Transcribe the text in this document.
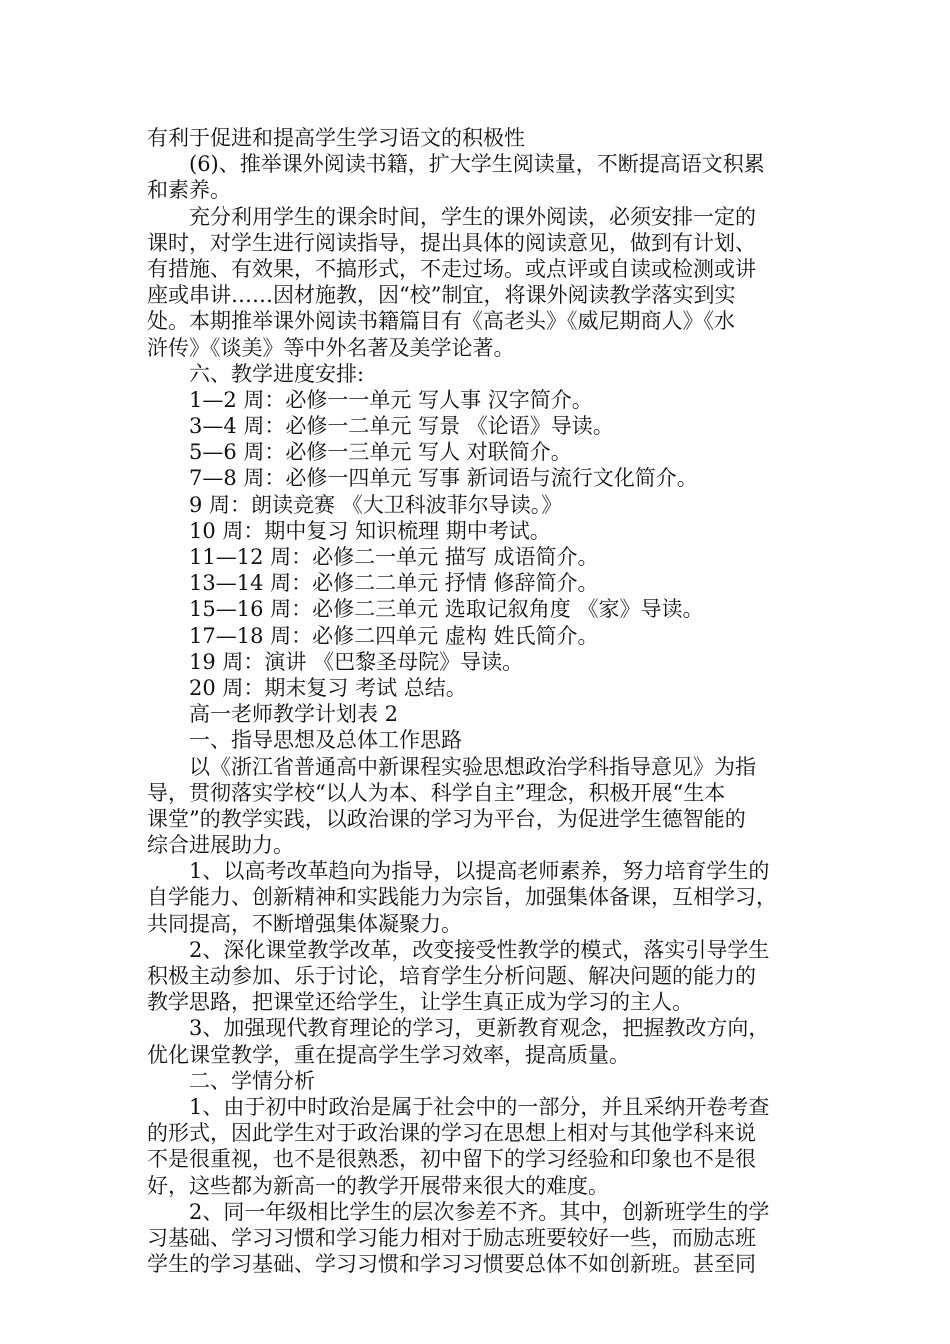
有利于促进和提高学生学习语文的积极性
(6)、推举课外阅读书籍，扩大学生阅读量，不断提高语文积累
和素养。
充分利用学生的课余时间，学生的课外阅读，必须安排一定的
课时，对学生进行阅读指导，提出具体的阅读意见，做到有计划、
有措施、有效果，不搞形式，不走过场。或点评或自读或检测或讲
座或串讲……因材施教，因“校”制宜，将课外阅读教学落实到实
处。本期推举课外阅读书籍篇目有《高老头》《威尼期商人》《水
浒传》《谈美》等中外名著及美学论著。
六、教学进度安排:
1—2 周：必修一一单元 写人事 汉字简介。
3—4 周：必修一二单元 写景 《论语》导读。
5—6 周：必修一三单元 写人 对联简介。
7—8 周：必修一四单元 写事 新词语与流行文化简介。
9 周：朗读竞赛 《大卫科波菲尔导读。》
10 周：期中复习 知识梳理 期中考试。
11—12 周：必修二一单元 描写 成语简介。
13—14 周：必修二二单元 抒情 修辞简介。
15—16 周：必修二三单元 选取记叙角度 《家》导读。
17—18 周：必修二四单元 虚构 姓氏简介。
19 周：演讲 《巴黎圣母院》导读。
20 周：期末复习 考试 总结。
高一老师教学计划表 2
一、指导思想及总体工作思路
以《浙江省普通高中新课程实验思想政治学科指导意见》为指
导，贯彻落实学校“以人为本、科学自主”理念，积极开展“生本
课堂”的教学实践，以政治课的学习为平台，为促进学生德智能的
综合进展助力。
1、以高考改革趋向为指导，以提高老师素养，努力培育学生的
自学能力、创新精神和实践能力为宗旨，加强集体备课，互相学习，
共同提高，不断增强集体凝聚力。
2、深化课堂教学改革，改变接受性教学的模式，落实引导学生
积极主动参加、乐于讨论，培育学生分析问题、解决问题的能力的
教学思路，把课堂还给学生，让学生真正成为学习的主人。
3、加强现代教育理论的学习，更新教育观念，把握教改方向，
优化课堂教学，重在提高学生学习效率，提高质量。
二、学情分析
1、由于初中时政治是属于社会中的一部分，并且采纳开卷考查
的形式，因此学生对于政治课的学习在思想上相对与其他学科来说
不是很重视，也不是很熟悉，初中留下的学习经验和印象也不是很
好，这些都为新高一的教学开展带来很大的难度。
2、同一年级相比学生的层次参差不齐。其中，创新班学生的学
习基础、学习习惯和学习能力相对于励志班要较好一些，而励志班
学生的学习基础、学习习惯和学习习惯要总体不如创新班。甚至同
